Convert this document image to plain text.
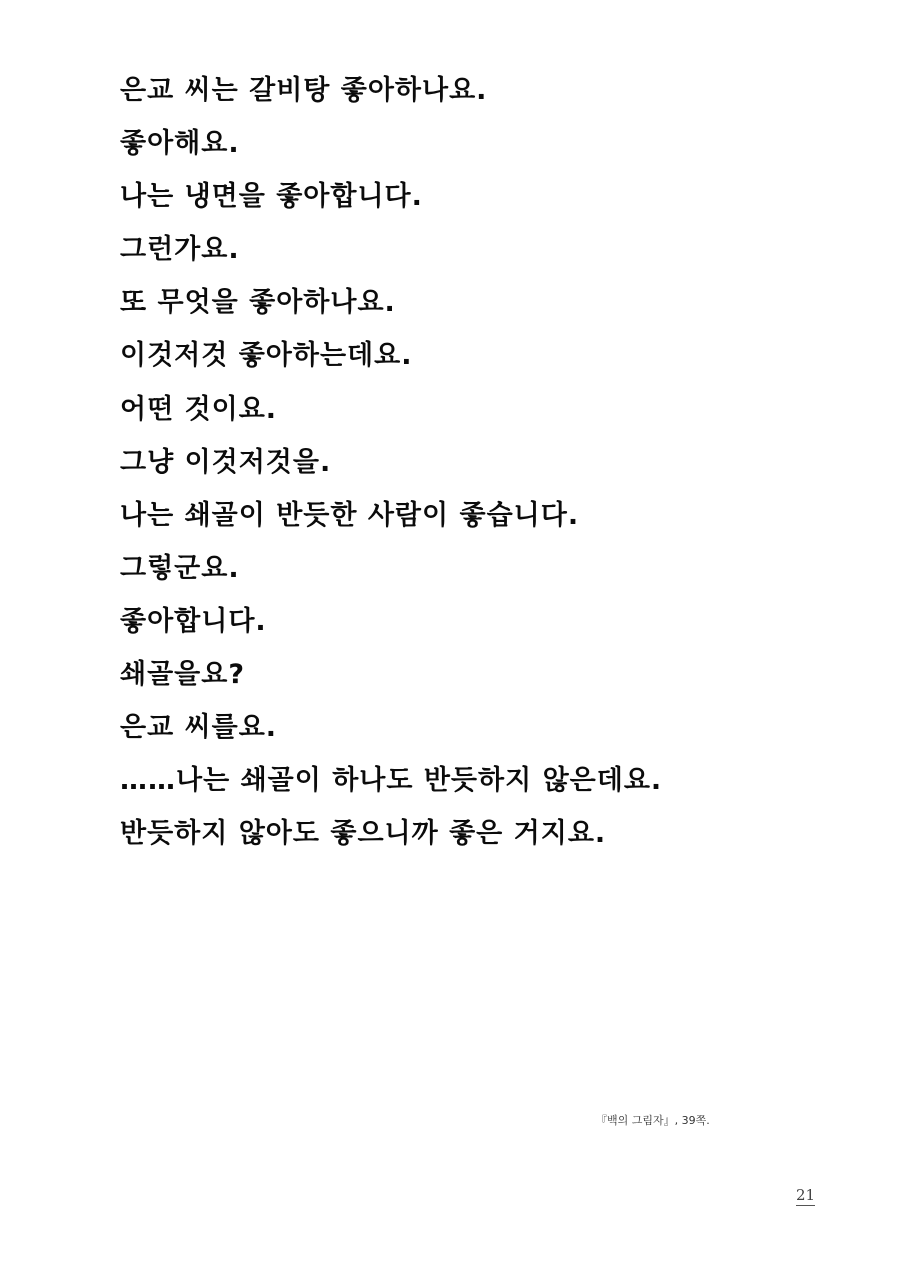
은교 씨는 갈비탕 좋아하나요.
좋아해요.
나는 냉면을 좋아합니다.
그런가요.
또 무엇을 좋아하나요.
이것저것 좋아하는데요.
어떤 것이요.
그냥 이것저것을.
나는 쇄골이 반듯한 사람이 좋습니다.
그렇군요.
좋아합니다.
쇄골을요?
은교 씨를요.
……나는 쇄골이 하나도 반듯하지 않은데요.
반듯하지 않아도 좋으니까 좋은 거지요.
『백의 그림자』, 39쪽.
21
